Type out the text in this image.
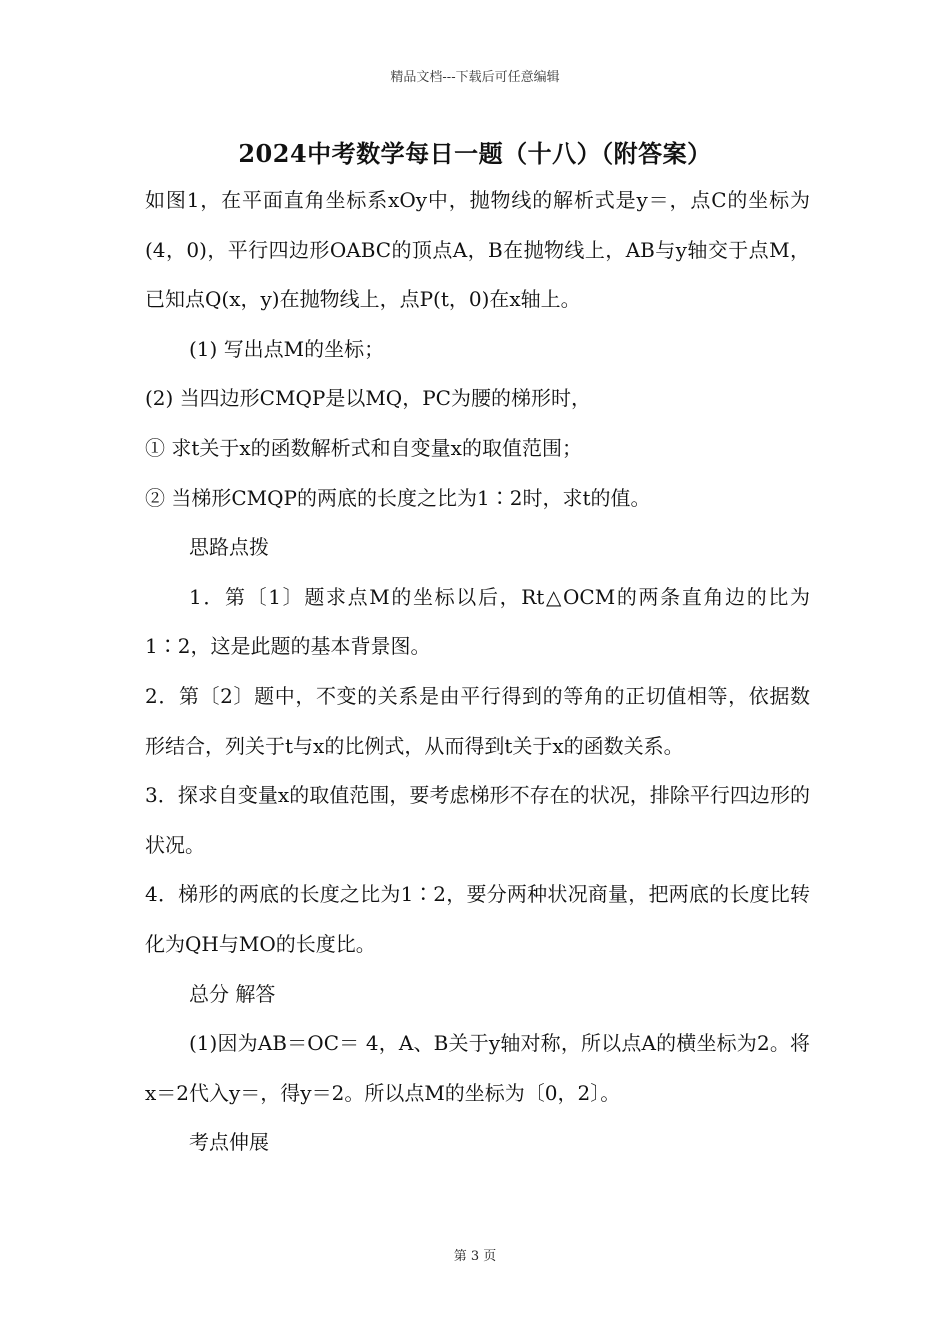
精品文档---下载后可任意编辑
2024中考数学每日一题（十八）（附答案）

如图1，在平面直角坐标系xOy中，抛物线的解析式是y＝，点C的坐标为(4，0)，平行四边形OABC的顶点A，B在抛物线上，AB与y轴交于点M，已知点Q(x，y)在抛物线上，点P(t，0)在x轴上。

(1) 写出点M的坐标；

(2) 当四边形CMQP是以MQ，PC为腰的梯形时，

① 求t关于x的函数解析式和自变量x的取值范围；

② 当梯形CMQP的两底的长度之比为1∶2时，求t的值。

思路点拨

1．第〔1〕题求点M的坐标以后，Rt△OCM的两条直角边的比为1∶2，这是此题的基本背景图。

2．第〔2〕题中，不变的关系是由平行得到的等角的正切值相等，依据数形结合，列关于t与x的比例式，从而得到t关于x的函数关系。

3．探求自变量x的取值范围，要考虑梯形不存在的状况，排除平行四边形的状况。

4．梯形的两底的长度之比为1∶2，要分两种状况商量，把两底的长度比转化为QH与MO的长度比。

总分 解答

(1)因为AB＝OC＝ 4，A、B关于y轴对称，所以点A的横坐标为2。将x＝2代入y＝，得y＝2。所以点M的坐标为〔0，2〕。

考点伸展

第 3 页
